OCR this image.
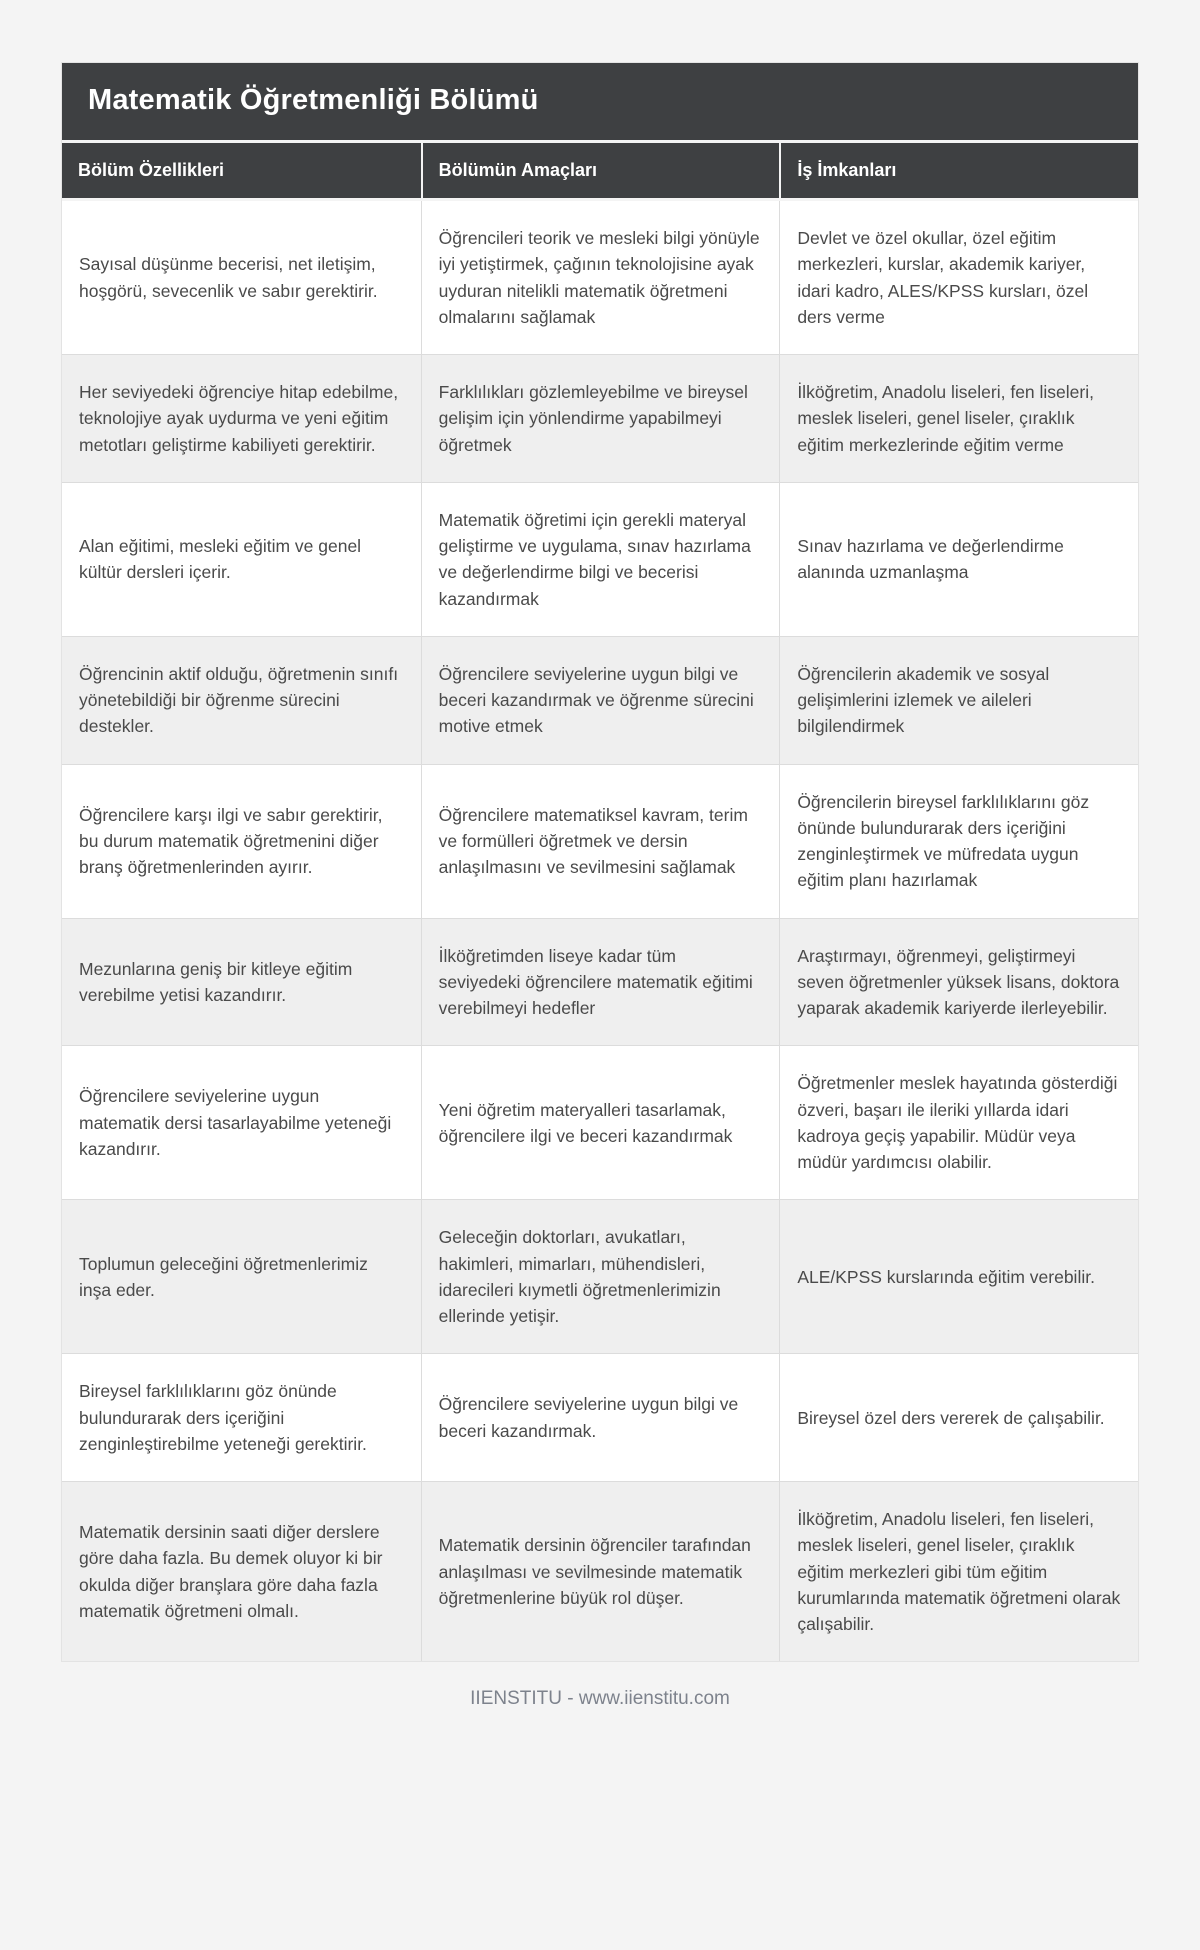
Matematik Öğretmenliği Bölümü
Bölüm Özellikleri	Bölümün Amaçları	İş İmkanları
Sayısal düşünme becerisi, net iletişim, hoşgörü, sevecenlik ve sabır gerektirir.
Öğrencileri teorik ve mesleki bilgi yönüyle iyi yetiştirmek, çağının teknolojisine ayak uyduran nitelikli matematik öğretmeni olmalarını sağlamak
Devlet ve özel okullar, özel eğitim merkezleri, kurslar, akademik kariyer, idari kadro, ALES/KPSS kursları, özel ders verme
Her seviyedeki öğrenciye hitap edebilme, teknolojiye ayak uydurma ve yeni eğitim metotları geliştirme kabiliyeti gerektirir.
Farklılıkları gözlemleyebilme ve bireysel gelişim için yönlendirme yapabilmeyi öğretmek
İlköğretim, Anadolu liseleri, fen liseleri, meslek liseleri, genel liseler, çıraklık eğitim merkezlerinde eğitim verme
Alan eğitimi, mesleki eğitim ve genel kültür dersleri içerir.
Matematik öğretimi için gerekli materyal geliştirme ve uygulama, sınav hazırlama ve değerlendirme bilgi ve becerisi kazandırmak
Sınav hazırlama ve değerlendirme alanında uzmanlaşma
Öğrencinin aktif olduğu, öğretmenin sınıfı yönetebildiği bir öğrenme sürecini destekler.
Öğrencilere seviyelerine uygun bilgi ve beceri kazandırmak ve öğrenme sürecini motive etmek
Öğrencilerin akademik ve sosyal gelişimlerini izlemek ve aileleri bilgilendirmek
Öğrencilere karşı ilgi ve sabır gerektirir, bu durum matematik öğretmenini diğer branş öğretmenlerinden ayırır.
Öğrencilere matematiksel kavram, terim ve formülleri öğretmek ve dersin anlaşılmasını ve sevilmesini sağlamak
Öğrencilerin bireysel farklılıklarını göz önünde bulundurarak ders içeriğini zenginleştirmek ve müfredata uygun eğitim planı hazırlamak
Mezunlarına geniş bir kitleye eğitim verebilme yetisi kazandırır.
İlköğretimden liseye kadar tüm seviyedeki öğrencilere matematik eğitimi verebilmeyi hedefler
Araştırmayı, öğrenmeyi, geliştirmeyi seven öğretmenler yüksek lisans, doktora yaparak akademik kariyerde ilerleyebilir.
Öğrencilere seviyelerine uygun matematik dersi tasarlayabilme yeteneği kazandırır.
Yeni öğretim materyalleri tasarlamak, öğrencilere ilgi ve beceri kazandırmak
Öğretmenler meslek hayatında gösterdiği özveri, başarı ile ileriki yıllarda idari kadroya geçiş yapabilir. Müdür veya müdür yardımcısı olabilir.
Toplumun geleceğini öğretmenlerimiz inşa eder.
Geleceğin doktorları, avukatları, hakimleri, mimarları, mühendisleri, idarecileri kıymetli öğretmenlerimizin ellerinde yetişir.
ALE/KPSS kurslarında eğitim verebilir.
Bireysel farklılıklarını göz önünde bulundurarak ders içeriğini zenginleştirebilme yeteneği gerektirir.
Öğrencilere seviyelerine uygun bilgi ve beceri kazandırmak.
Bireysel özel ders vererek de çalışabilir.
Matematik dersinin saati diğer derslere göre daha fazla. Bu demek oluyor ki bir okulda diğer branşlara göre daha fazla matematik öğretmeni olmalı.
Matematik dersinin öğrenciler tarafından anlaşılması ve sevilmesinde matematik öğretmenlerine büyük rol düşer.
İlköğretim, Anadolu liseleri, fen liseleri, meslek liseleri, genel liseler, çıraklık eğitim merkezleri gibi tüm eğitim kurumlarında matematik öğretmeni olarak çalışabilir.
IIENSTITU - www.iienstitu.com
